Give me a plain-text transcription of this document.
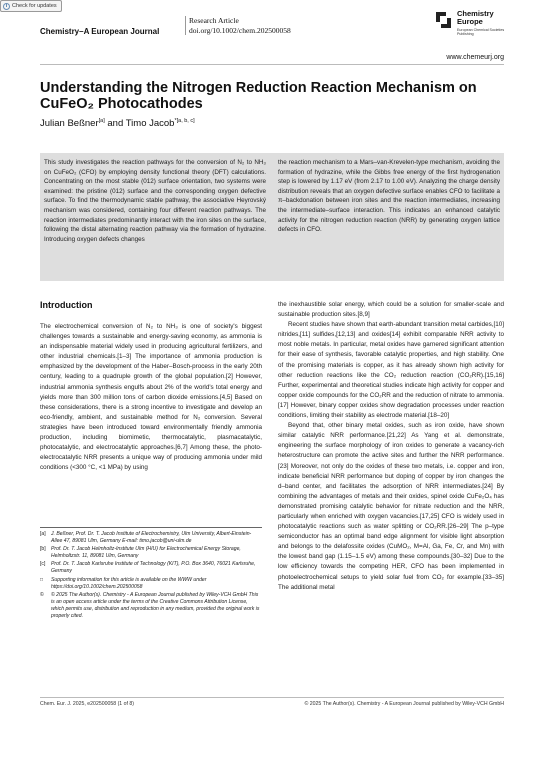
Check for updates
Chemistry–A European Journal
Research Article
doi.org/10.1002/chem.202500058
Chemistry
Europe
European Chemical Societies Publishing
www.chemeurj.org
Understanding the Nitrogen Reduction Reaction Mechanism on CuFeO₂ Photocathodes
Julian Beßner[a] and Timo Jacob$^{*[a, b, c]}$
This study investigates the reaction pathways for the conversion of N₂ to NH₃ on CuFeO₂ (CFO) by employing density functional theory (DFT) calculations. Concentrating on the most stable (012) surface orientation, two systems were examined: the pristine (012) surface and the corresponding oxygen defective surface. To find the thermodynamic stable pathway, the associative Heyrovský mechanism was considered, containing four different reaction pathways. The reaction intermediates predominantly interact with the iron sites on the surface, following the distal alternating reaction pathway via the formation of hydrazine. Introducing oxygen defects changes
the reaction mechanism to a Mars–van-Krevelen-type mechanism, avoiding the formation of hydrazine, while the Gibbs free energy of the first hydrogenation step is lowered by 1.17 eV (from 2.17 to 1.00 eV). Analyzing the charge density distribution reveals that an oxygen defective surface enables CFO to facilitate a π–backdonation between iron sites and the reaction intermediates, increasing the intermediate–surface interaction. This indicates an enhanced catalytic activity for the nitrogen reduction reaction (NRR) by generating oxygen lattice defects in CFO.
Introduction

The electrochemical conversion of N₂ to NH₃ is one of society's biggest challenges towards a sustainable and energy-saving economy, as ammonia is an indispensable material widely used in producing agricultural fertilizers, and other industrial chemicals.[1–3] The importance of ammonia production is emphasized by the development of the Haber–Bosch-process in the early 20th century, leading to a quadruple growth of the global population.[2] However, industrial ammonia synthesis engulfs about 2% of the world's total energy and yields more than 300 million tons of carbon dioxide emissions.[4,5] Based on these considerations, there is a strong incentive to investigate and develop an eco-friendly, ambient, and sustainable method for N₂ conversion. Several strategies have been introduced toward environmentally friendly ammonia production, including biomimetic, thermocatalytic, plasmacatalytic, photocatalytic, and electrocatalytic approaches.[6,7] Among these, the photo-electrocatalytic NRR presents a unique way of producing ammonia under mild conditions (<300 °C, <1 MPa) by using

the inexhaustible solar energy, which could be a solution for smaller-scale and sustainable production sites.[8,9]

Recent studies have shown that earth-abundant transition metal carbides,[10] nitrides,[11] sulfides,[12,13] and oxides[14] exhibit comparable NRR activity to most noble metals. In particular, metal oxides have garnered significant attention for their ease of synthesis, favorable catalytic properties, and high stability. One of the promising materials is copper, as it has already shown high activity for other reduction reactions like the CO₂ reduction reaction (CO₂RR).[15,16] Further, experimental and theoretical studies indicate high activity for copper and copper oxide compounds for the CO₂RR and the reduction of nitrate to ammonia.[17] However, binary copper oxides show degradation processes under reaction conditions, limiting their stability as electrode material.[18–20]

Beyond that, other binary metal oxides, such as iron oxide, have shown similar catalytic NRR performance.[21,22] As Yang et al. demonstrate, engineering the surface morphology of iron oxides to generate a vacancy-rich heterostructure can promote the active sites and further the NRR performance.[23] Moreover, not only do the oxides of these two metals, i.e. copper and iron, indicate beneficial NRR performance but doping of copper by iron changes the d–band center, and facilitates the adsorption of NRR intermediates.[24] By combining the advantages of metals and their oxides, spinel oxide CuFe₂O₄ has demonstrated promising catalytic behavior for nitrate reduction and the NRR, particularly when enriched with oxygen vacancies.[17,25] CFO is widely used in photocatalytic reactions such as water splitting or CO₂RR.[26–29] The p–type semiconductor has an optimal band edge alignment for visible light absorption and belongs to the delafossite oxides (CuMO₂, M=Al, Ga, Fe, Cr, and Mn) with the lowest band gap (1.15–1.5 eV) among these compounds.[30–32] Due to the low efficiency towards the competing HER, CFO has been implemented in photoelectrochemical setups to yield solar fuel from CO₂ for example.[33–35] The additional metal

[a]	J. Beßner, Prof. Dr. T. Jacob Institute of Electrochemistry, Ulm University, Albert-Einstein-Allee 47, 89081 Ulm, Germany E-mail: timo.jacob@uni-ulm.de
[b]	Prof. Dr. T. Jacob Helmholtz-Institute Ulm (HIU) for Electrochemical Energy Storage, Helmholtzstr. 11, 89081 Ulm, Germany
[c]	Prof. Dr. T. Jacob Karlsruhe Institute of Technology (KIT), P.O. Box 3640, 76021 Karlsruhe, Germany
□	Supporting information for this article is available on the WWW under https://doi.org/10.1002/chem.202500058
©	© 2025 The Author(s). Chemistry - A European Journal published by Wiley-VCH GmbH This is an open access article under the terms of the Creative Commons Attribution License, which permits use, distribution and reproduction in any medium, provided the original work is properly cited.
Chem. Eur. J. 2025, e202500058 (1 of 8)	© 2025 The Author(s). Chemistry - A European Journal published by Wiley-VCH GmbH
